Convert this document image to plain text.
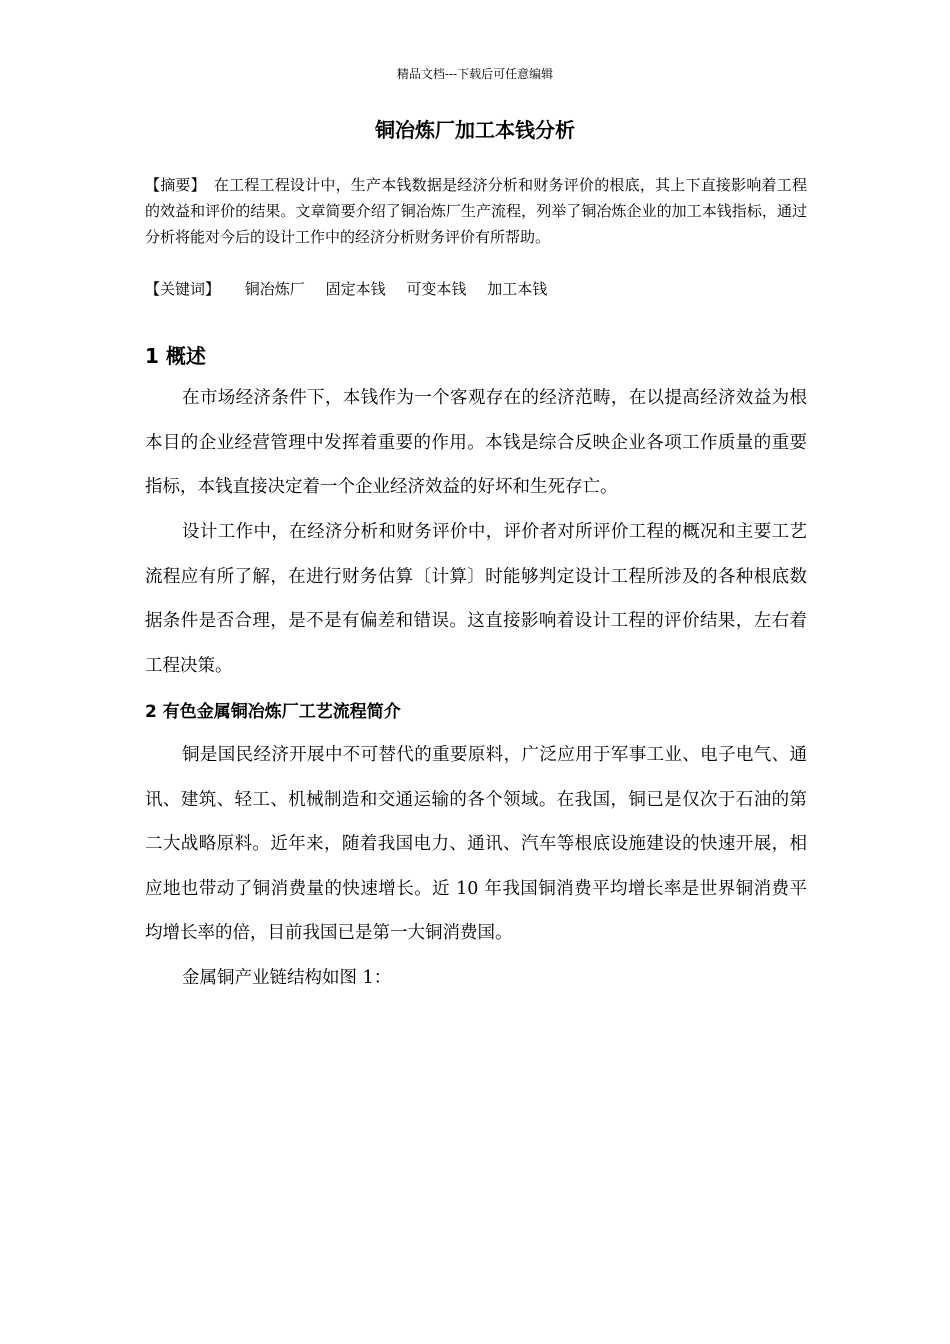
精品文档---下载后可任意编辑
铜冶炼厂加工本钱分析
【摘要】 在工程工程设计中，生产本钱数据是经济分析和财务评价的根底，其上下直接影响着工程的效益和评价的结果。文章简要介绍了铜冶炼厂生产流程，列举了铜冶炼企业的加工本钱指标，通过分析将能对今后的设计工作中的经济分析财务评价有所帮助。
【关键词】 铜冶炼厂 固定本钱 可变本钱 加工本钱
1 概述
在市场经济条件下，本钱作为一个客观存在的经济范畴，在以提高经济效益为根本目的企业经营管理中发挥着重要的作用。本钱是综合反映企业各项工作质量的重要指标，本钱直接决定着一个企业经济效益的好坏和生死存亡。
设计工作中，在经济分析和财务评价中，评价者对所评价工程的概况和主要工艺流程应有所了解，在进行财务估算〔计算〕时能够判定设计工程所涉及的各种根底数据条件是否合理，是不是有偏差和错误。这直接影响着设计工程的评价结果，左右着工程决策。
2 有色金属铜冶炼厂工艺流程简介
铜是国民经济开展中不可替代的重要原料，广泛应用于军事工业、电子电气、通讯、建筑、轻工、机械制造和交通运输的各个领域。在我国，铜已是仅次于石油的第二大战略原料。近年来，随着我国电力、通讯、汽车等根底设施建设的快速开展，相应地也带动了铜消费量的快速增长。近 10 年我国铜消费平均增长率是世界铜消费平均增长率的倍，目前我国已是第一大铜消费国。
金属铜产业链结构如图 1：
